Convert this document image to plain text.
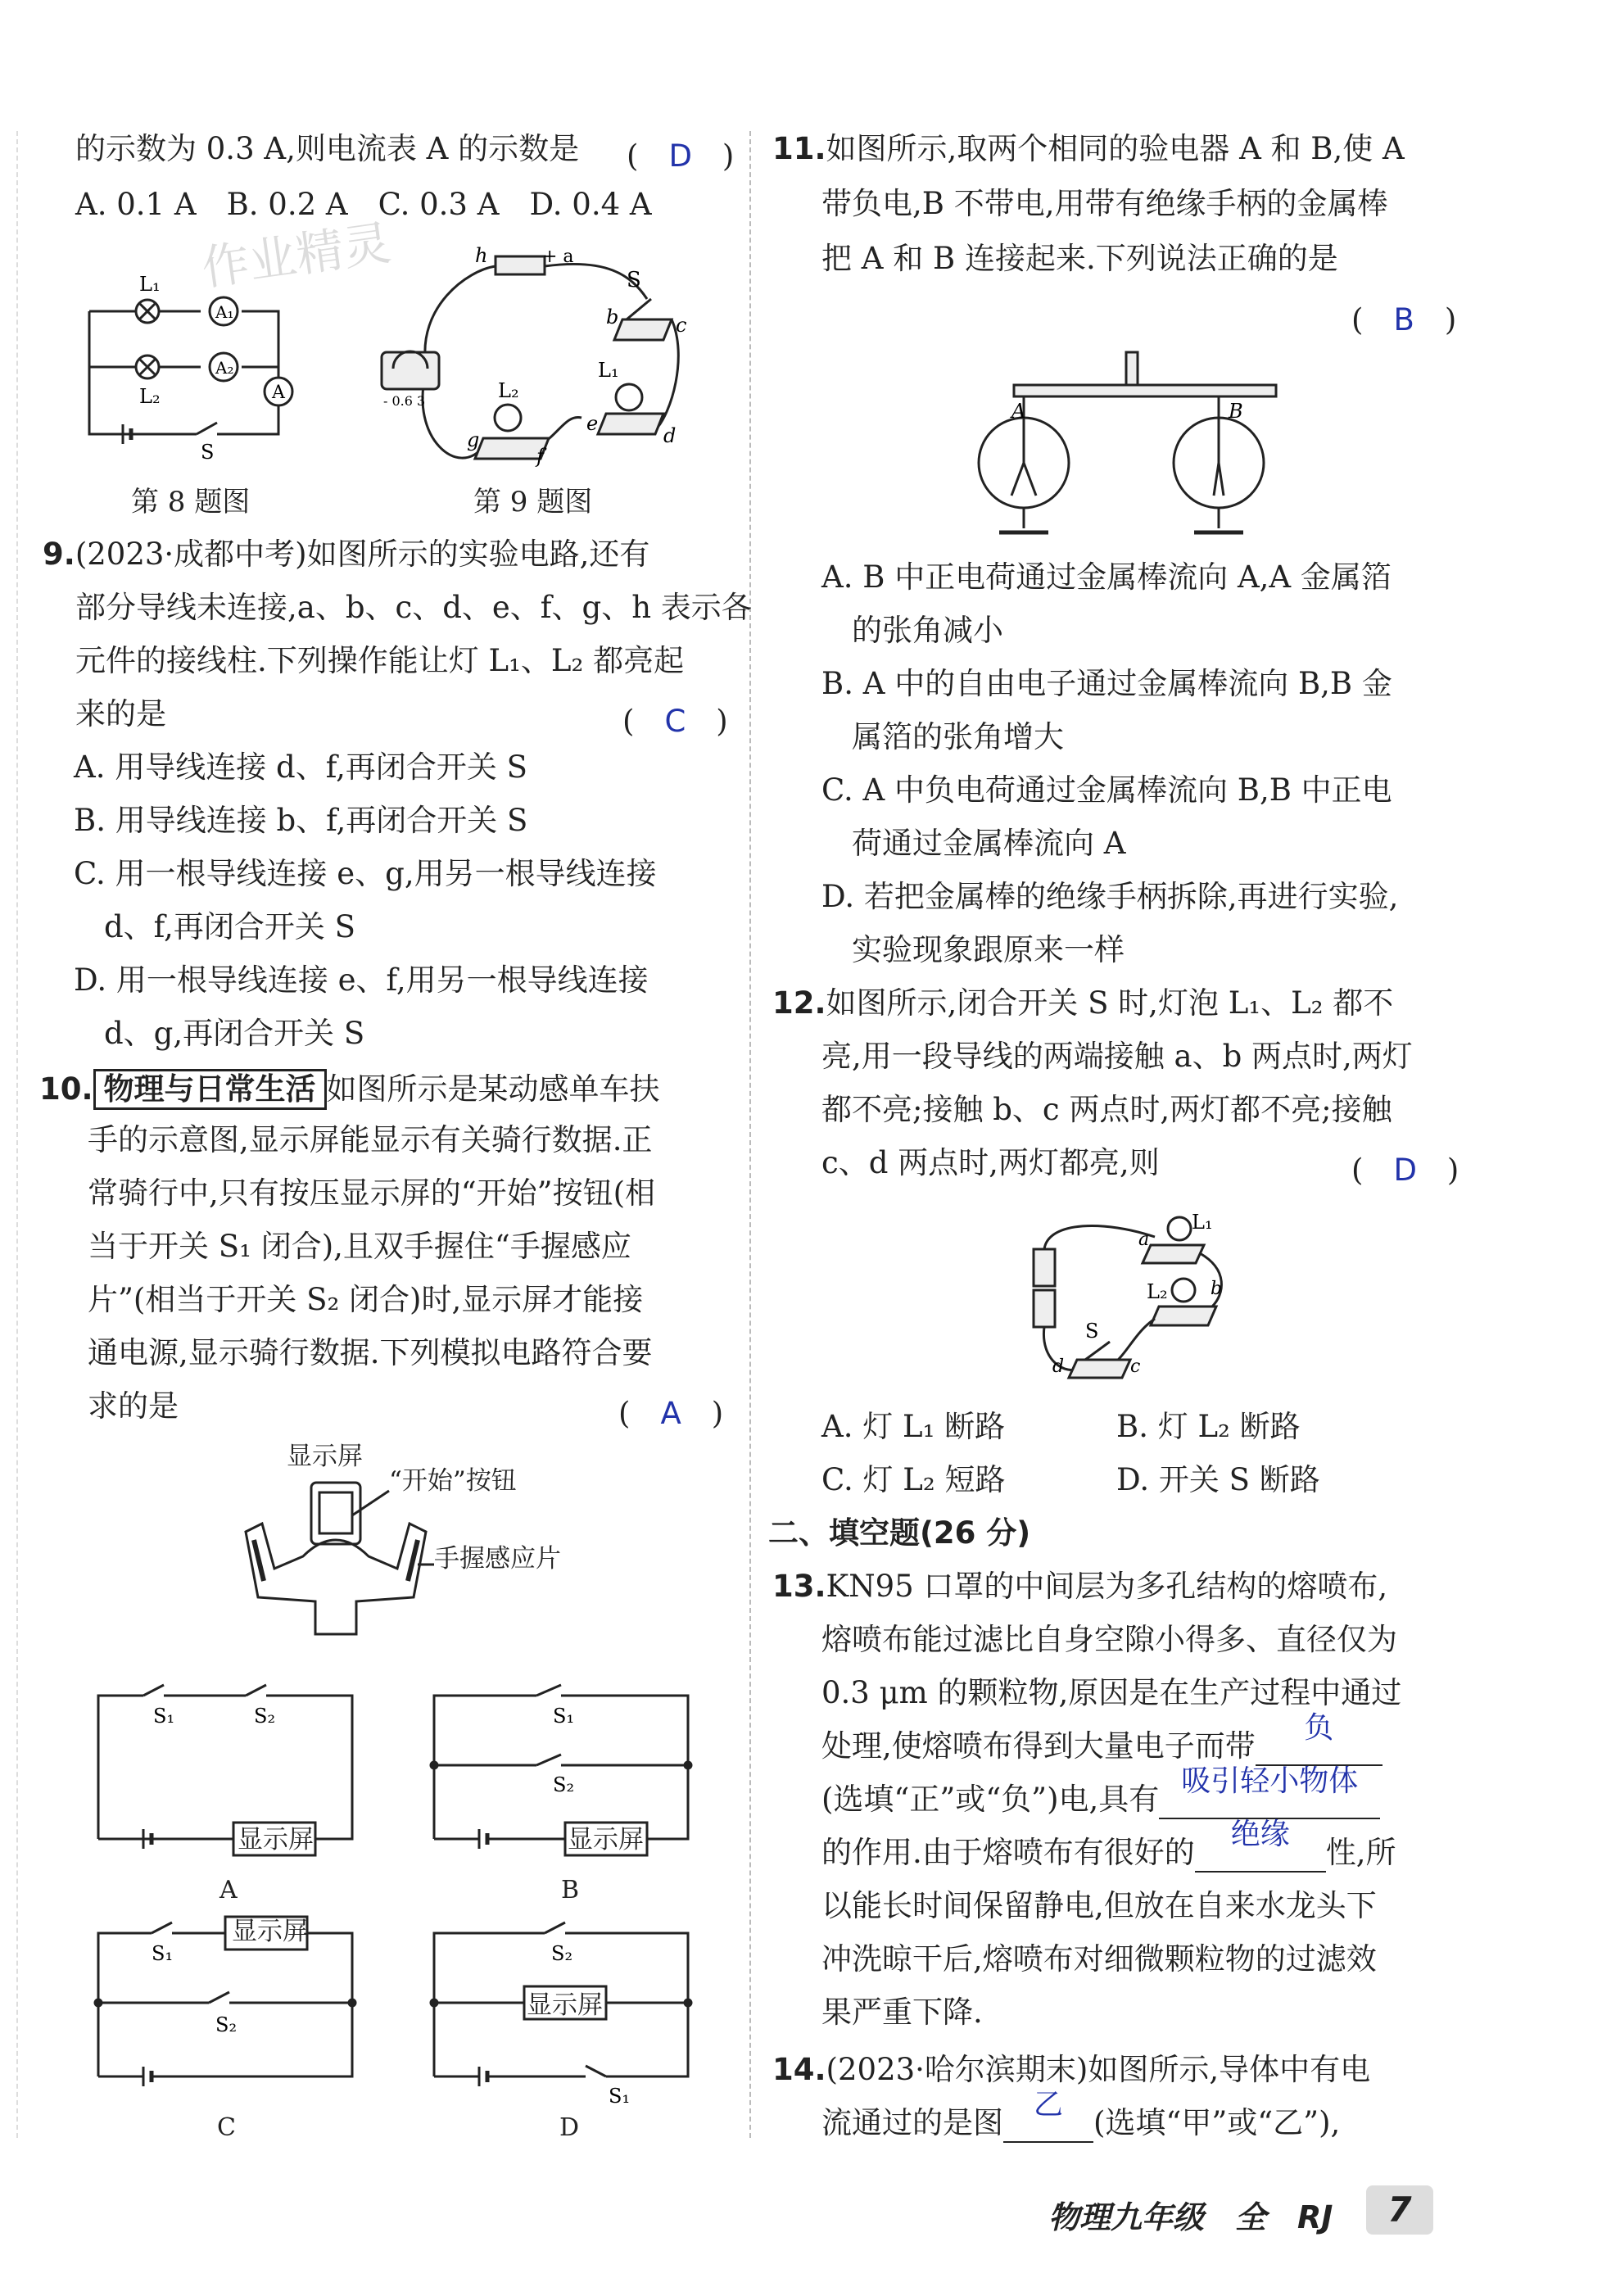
的示数为 0.3 A,则电流表 A 的示数是 (　D　)
A. 0.1 A　B. 0.2 A　C. 0.3 A　D. 0.4 A
作业精灵
L₁
L₂
A₁
A₂
A
S
第 8 题图
h	+ a
S
b	c
- 0.6 3	L₂
g
f
L₁
e
d
第 9 题图
9.(2023·成都中考)如图所示的实验电路,还有
部分导线未连接,a、b、c、d、e、f、g、h 表示各
元件的接线柱.下列操作能让灯 L₁、L₂ 都亮起
来的是	(　C　)
A. 用导线连接 d、f,再闭合开关 S
B. 用导线连接 b、f,再闭合开关 S
C. 用一根导线连接 e、g,用另一根导线连接
　d、f,再闭合开关 S
D. 用一根导线连接 e、f,用另一根导线连接
　d、g,再闭合开关 S
10. 物理与日常生活 如图所示是某动感单车扶
手的示意图,显示屏能显示有关骑行数据.正
常骑行中,只有按压显示屏的“开始”按钮(相
当于开关 S₁ 闭合),且双手握住“手握感应
片”(相当于开关 S₂ 闭合)时,显示屏才能接
通电源,显示骑行数据.下列模拟电路符合要
求的是	(　A　)
显示屏
“开始”按钮
手握感应片
S₁	S₂
显示屏
A
S₁
S₂
显示屏
B
S₁
S₂
显示屏
C
S₂
S₁
显示屏
D
11.如图所示,取两个相同的验电器 A 和 B,使 A
带负电,B 不带电,用带有绝缘手柄的金属棒
把 A 和 B 连接起来.下列说法正确的是
(　B　)
A	B
A. B 中正电荷通过金属棒流向 A,A 金属箔
　的张角减小
B. A 中的自由电子通过金属棒流向 B,B 金
　属箔的张角增大
C. A 中负电荷通过金属棒流向 B,B 中正电
　荷通过金属棒流向 A
D. 若把金属棒的绝缘手柄拆除,再进行实验,
　实验现象跟原来一样
12.如图所示,闭合开关 S 时,灯泡 L₁、L₂ 都不
亮,用一段导线的两端接触 a、b 两点时,两灯
都不亮;接触 b、c 两点时,两灯都不亮;接触
c、d 两点时,两灯都亮,则	(　D　)
a
L₁
L₂ b
S
d	c
A. 灯 L₁ 断路	B. 灯 L₂ 断路
C. 灯 L₂ 短路	D. 开关 S 断路
二、填空题(26 分)
13.KN95 口罩的中间层为多孔结构的熔喷布,
熔喷布能过滤比自身空隙小得多、直径仅为
0.3 μm 的颗粒物,原因是在生产过程中通过
处理,使熔喷布得到大量电子而带
负
(选填“正”或“负”)电,具有
吸引轻小物体
的作用.由于熔喷布有很好的
绝缘
性,所
以能长时间保留静电,但放在自来水龙头下
冲洗晾干后,熔喷布对细微颗粒物的过滤效
果严重下降.
14.(2023·哈尔滨期末)如图所示,导体中有电
流通过的是图
乙
(选填“甲”或“乙”),
物理九年级　全　RJ	7
